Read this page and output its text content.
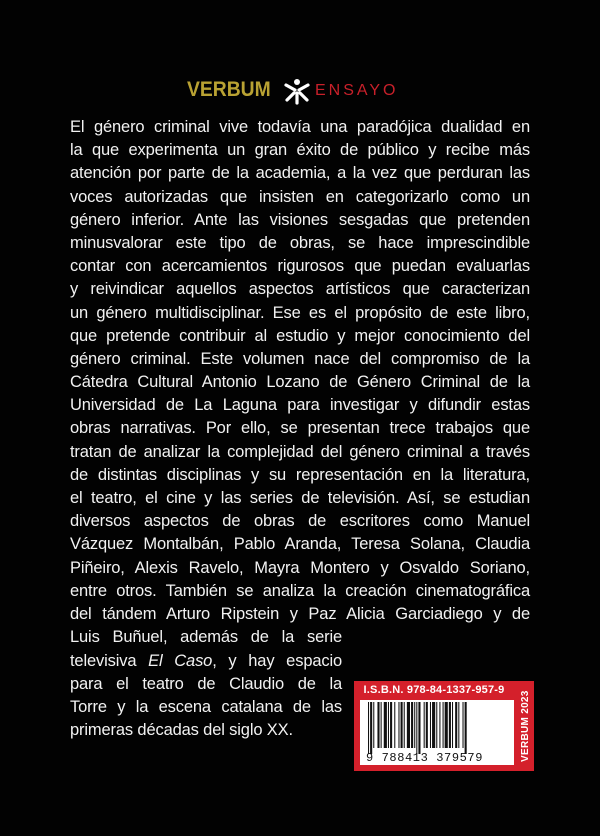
VERBUM	ENSAYO
El género criminal vive todavía una paradójica dualidad en
la que experimenta un gran éxito de público y recibe más
atención por parte de la academia, a la vez que perduran las
voces autorizadas que insisten en categorizarlo como un
género inferior. Ante las visiones sesgadas que pretenden
minusvalorar este tipo de obras, se hace imprescindible
contar con acercamientos rigurosos que puedan evaluarlas
y reivindicar aquellos aspectos artísticos que caracterizan
un género multidisciplinar. Ese es el propósito de este libro,
que pretende contribuir al estudio y mejor conocimiento del
género criminal. Este volumen nace del compromiso de la
Cátedra Cultural Antonio Lozano de Género Criminal de la
Universidad de La Laguna para investigar y difundir estas
obras narrativas. Por ello, se presentan trece trabajos que
tratan de analizar la complejidad del género criminal a través
de distintas disciplinas y su representación en la literatura,
el teatro, el cine y las series de televisión. Así, se estudian
diversos aspectos de obras de escritores como Manuel
Vázquez Montalbán, Pablo Aranda, Teresa Solana, Claudia
Piñeiro, Alexis Ravelo, Mayra Montero y Osvaldo Soriano,
entre otros. También se analiza la creación cinematográfica
del tándem Arturo Ripstein y Paz Alicia Garciadiego y de
Luis Buñuel, además de la serie
televisiva El Caso, y hay espacio
para el teatro de Claudio de la
Torre y la escena catalana de las
primeras décadas del siglo XX.
I.S.B.N. 978-84-1337-957-9
9 788413 379579	VERBUM 2023
